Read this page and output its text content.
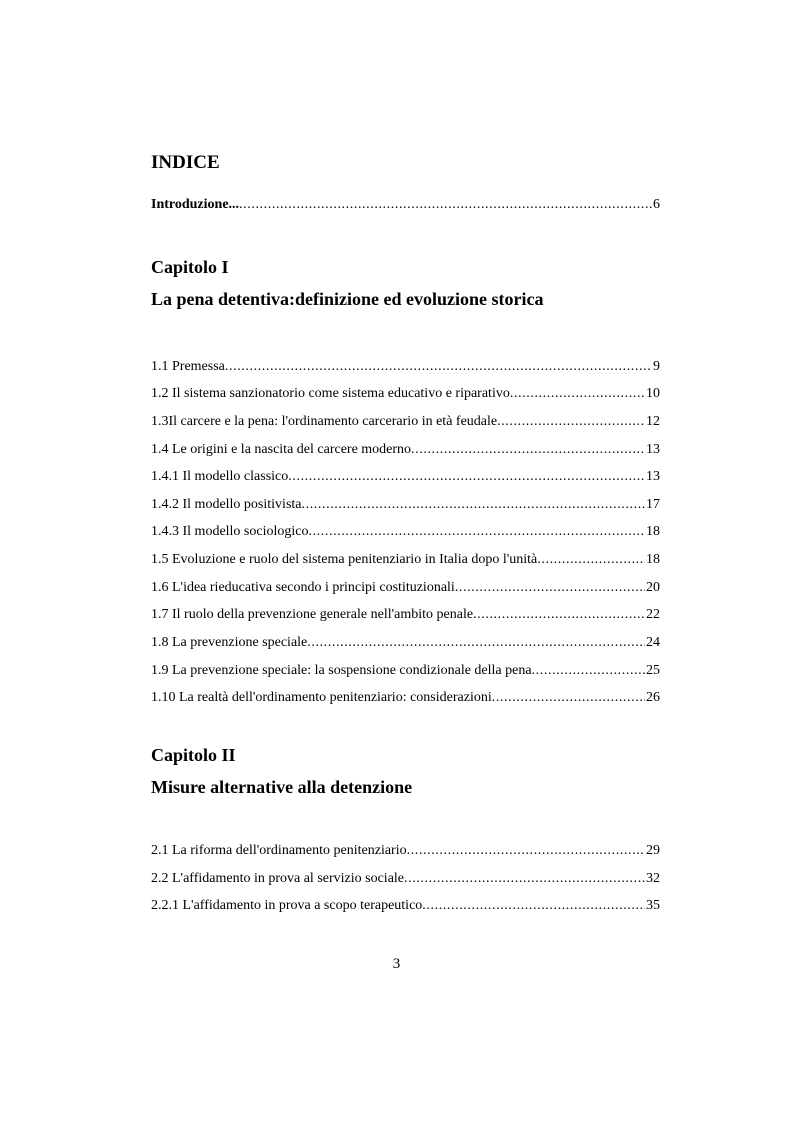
INDICE
Introduzione... .....	6
Capitolo I
La pena detentiva:definizione ed evoluzione storica
1.1 Premessa .....	9
1.2 Il sistema sanzionatorio come sistema educativo e riparativo .....	10
1.3Il carcere e la pena: l'ordinamento carcerario in età feudale .....	12
1.4 Le origini e la nascita del carcere moderno .....	13
1.4.1 Il modello classico .....	13
1.4.2 Il modello positivista .....	17
1.4.3 Il modello sociologico .....	18
1.5 Evoluzione e ruolo del sistema penitenziario in Italia dopo l'unità .....	18
1.6 L'idea rieducativa secondo i principi costituzionali .....	20
1.7 Il ruolo della prevenzione generale nell'ambito penale .....	22
1.8 La prevenzione speciale .....	24
1.9 La prevenzione speciale: la sospensione condizionale della pena .....	25
1.10 La realtà dell'ordinamento penitenziario: considerazioni .....	26
Capitolo II
Misure alternative alla detenzione
2.1 La riforma dell'ordinamento penitenziario .....	29
2.2 L'affidamento in prova al servizio sociale .....	32
2.2.1 L'affidamento in prova a scopo terapeutico .....	35
3
